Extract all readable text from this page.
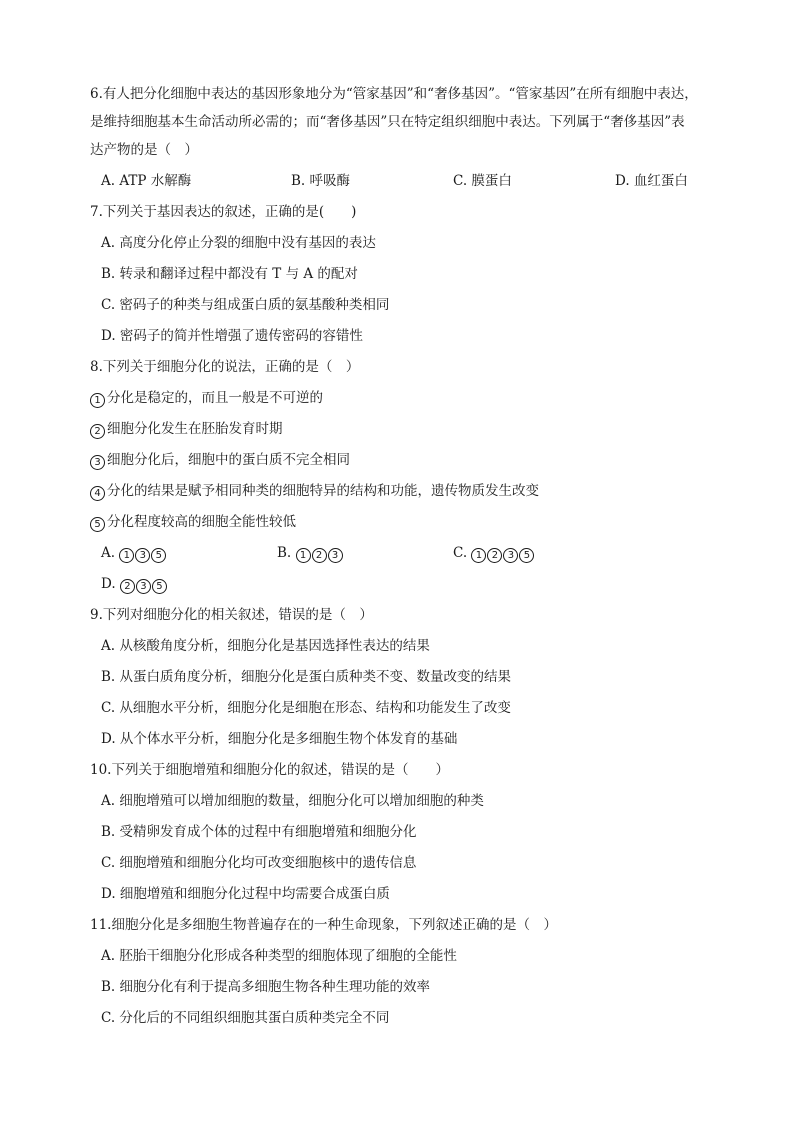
6.有人把分化细胞中表达的基因形象地分为“管家基因”和“奢侈基因”。“管家基因”在所有细胞中表达，

是维持细胞基本生命活动所必需的；而“奢侈基因”只在特定组织细胞中表达。下列属于“奢侈基因”表

达产物的是（　）

A. ATP 水解酶	B. 呼吸酶	C. 膜蛋白	D. 血红蛋白

7.下列关于基因表达的叙述，正确的是(　　)

A. 高度分化停止分裂的细胞中没有基因的表达

B. 转录和翻译过程中都没有 T 与 A 的配对

C. 密码子的种类与组成蛋白质的氨基酸种类相同

D. 密码子的简并性增强了遗传密码的容错性

8.下列关于细胞分化的说法，正确的是（　）

1 分化是稳定的，而且一般是不可逆的

2 细胞分化发生在胚胎发育时期

3 细胞分化后，细胞中的蛋白质不完全相同

4 分化的结果是赋予相同种类的细胞特异的结构和功能，遗传物质发生改变

5 分化程度较高的细胞全能性较低

A. 1 3 5	B. 1 2 3	C. 1 2 3 5
D. 2 3 5

9.下列对细胞分化的相关叙述，错误的是（　）

A. 从核酸角度分析，细胞分化是基因选择性表达的结果

B. 从蛋白质角度分析，细胞分化是蛋白质种类不变、数量改变的结果

C. 从细胞水平分析，细胞分化是细胞在形态、结构和功能发生了改变

D. 从个体水平分析，细胞分化是多细胞生物个体发育的基础

10.下列关于细胞增殖和细胞分化的叙述，错误的是（　　）

A. 细胞增殖可以增加细胞的数量，细胞分化可以增加细胞的种类

B. 受精卵发育成个体的过程中有细胞增殖和细胞分化

C. 细胞增殖和细胞分化均可改变细胞核中的遗传信息

D. 细胞增殖和细胞分化过程中均需要合成蛋白质

11.细胞分化是多细胞生物普遍存在的一种生命现象，下列叙述正确的是（　）

A. 胚胎干细胞分化形成各种类型的细胞体现了细胞的全能性

B. 细胞分化有利于提高多细胞生物各种生理功能的效率

C. 分化后的不同组织细胞其蛋白质种类完全不同
